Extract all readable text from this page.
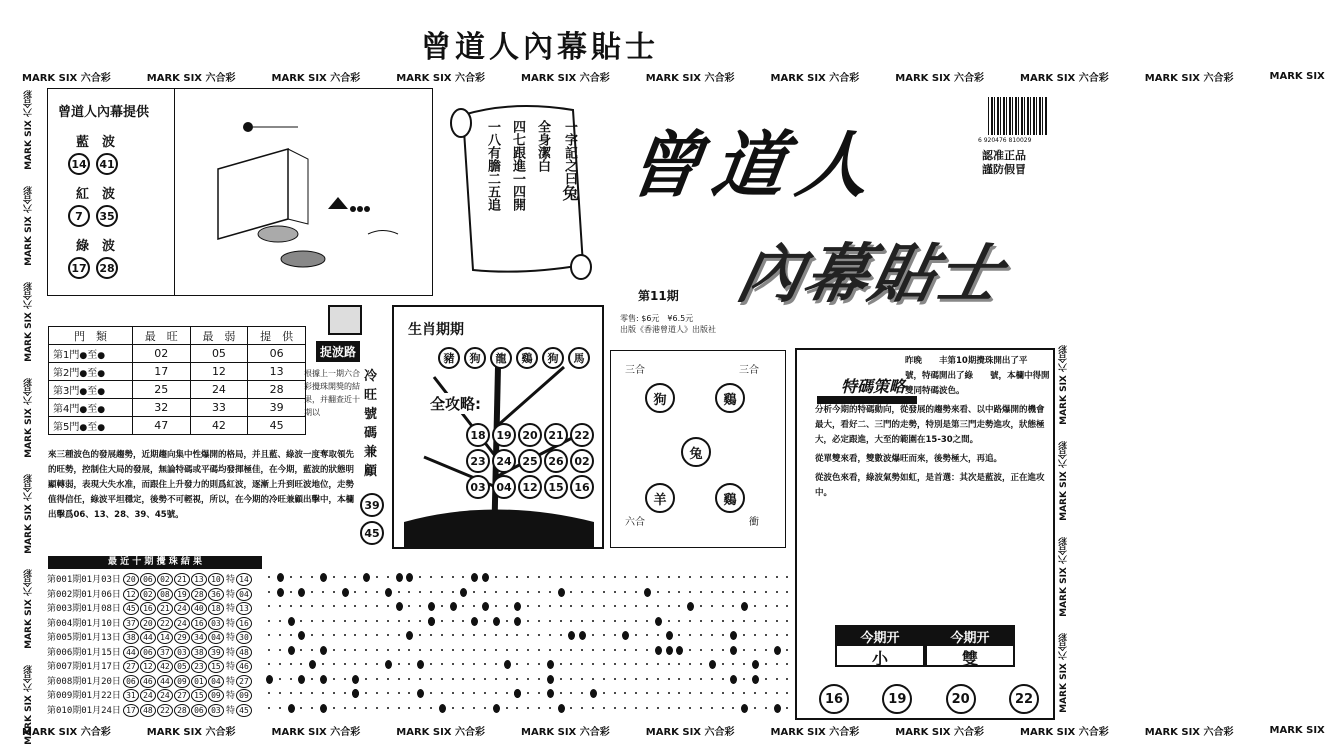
曾道人內幕貼士
MARK SIX 六合彩	MARK SIX 六合彩	MARK SIX 六合彩	MARK SIX 六合彩	MARK SIX 六合彩	MARK SIX 六合彩	MARK SIX 六合彩	MARK SIX 六合彩	MARK SIX 六合彩	MARK SIX 六合彩	MARK SIX
MARK SIX 六合彩	MARK SIX 六合彩	MARK SIX 六合彩	MARK SIX 六合彩	MARK SIX 六合彩	MARK SIX 六合彩	MARK SIX 六合彩	MARK SIX 六合彩	MARK SIX 六合彩	MARK SIX 六合彩	MARK SIX
MARK SIX 六合彩
MARK SIX 六合彩
MARK SIX 六合彩
MARK SIX 六合彩
MARK SIX 六合彩
MARK SIX 六合彩
MARK SIX 六合彩
MARK SIX 六合彩
MARK SIX 六合彩
MARK SIX 六合彩
MARK SIX 六合彩
曾道人內幕提供
藍　波
14	41
紅　波
7	35
綠　波
17	28
一字記之曰兔
全身潔白
四七跟進一四開
一八有膽二五追 曾道人
內幕貼士
6 920476 810029
認准正品
謹防假冒
第11期
零售: $6元　¥6.5元
出版《香港曾道人》出版社
門　類	最　旺	最　弱	提　供
第1門●至●	02	05	06
第2門●至●	17	12	13
第3門●至●	25	24	28
第4門●至●	32	33	39
第5門●至●	47	42	45
捉波路
根據上一期六合彩攪珠開獎的結果，并翻查近十期以
冷
旺
號
碼
兼
顧
3945
來三種波色的發展趨勢，近期趨向集中性爆開的格局，并且藍、綠波一度奪取領先的旺勢，控制住大局的發展，無論特碼或平碼均發揮極佳，在今期，藍波的狀態明顯轉弱，表現大失水准，而跟住上升發力的則爲紅波，逐漸上升到旺波地位，走勢值得信任，綠波平坦穩定，後勢不可輕視，所以，在今期的冷旺兼顧出擊中，本欄出擊爲06、13、28、39、45號。
生肖期期
豬	狗	龍	鷄	狗	馬
全攻略:
18 19 20 21 22
23 24 25 26 02
03 04 12 15 16
三合	三合
狗	鷄
兔
羊	鷄
六合	衝
特碼策略

昨晚　　丰第10期攪珠開出了平　　號，特碼開出了綠　　號，本欄中得開雙同特碼波色。

分析今期的特碼動向，從發展的趨勢來看、以中路爆開的機會最大，看好二、三門的走勢，特別是第三門走勢進攻，狀態極大，必定跟進，大至的範圍在15-30之間。

從單雙來看，雙數波爆旺而來，後勢極大，再追。

從波色來看，綠波氣勢如虹，是首選：其次是藍波，正在進攻中。

今期开
小
今期开
雙
16	19	20	22
最 近 十 期 攪 珠 結 果
第001期01月03日 20 06 02 21 13 10 特 14
第002期01月06日 12 02 08 19 28 36 特 04
第003期01月08日 45 16 21 24 40 18 特 13
第004期01月10日 37 20 22 24 16 03 特 16
第005期01月13日 38 44 14 29 34 04 特 30
第006期01月15日 44 06 37 03 38 39 特 48
第007期01月17日 27 12 42 05 23 15 特 46
第008期01月20日 06 46 44 09 01 04 特 27
第009期01月22日 31 24 24 27 15 09 特 09
第010期01月24日 17 48 22 28 06 03 特 45
